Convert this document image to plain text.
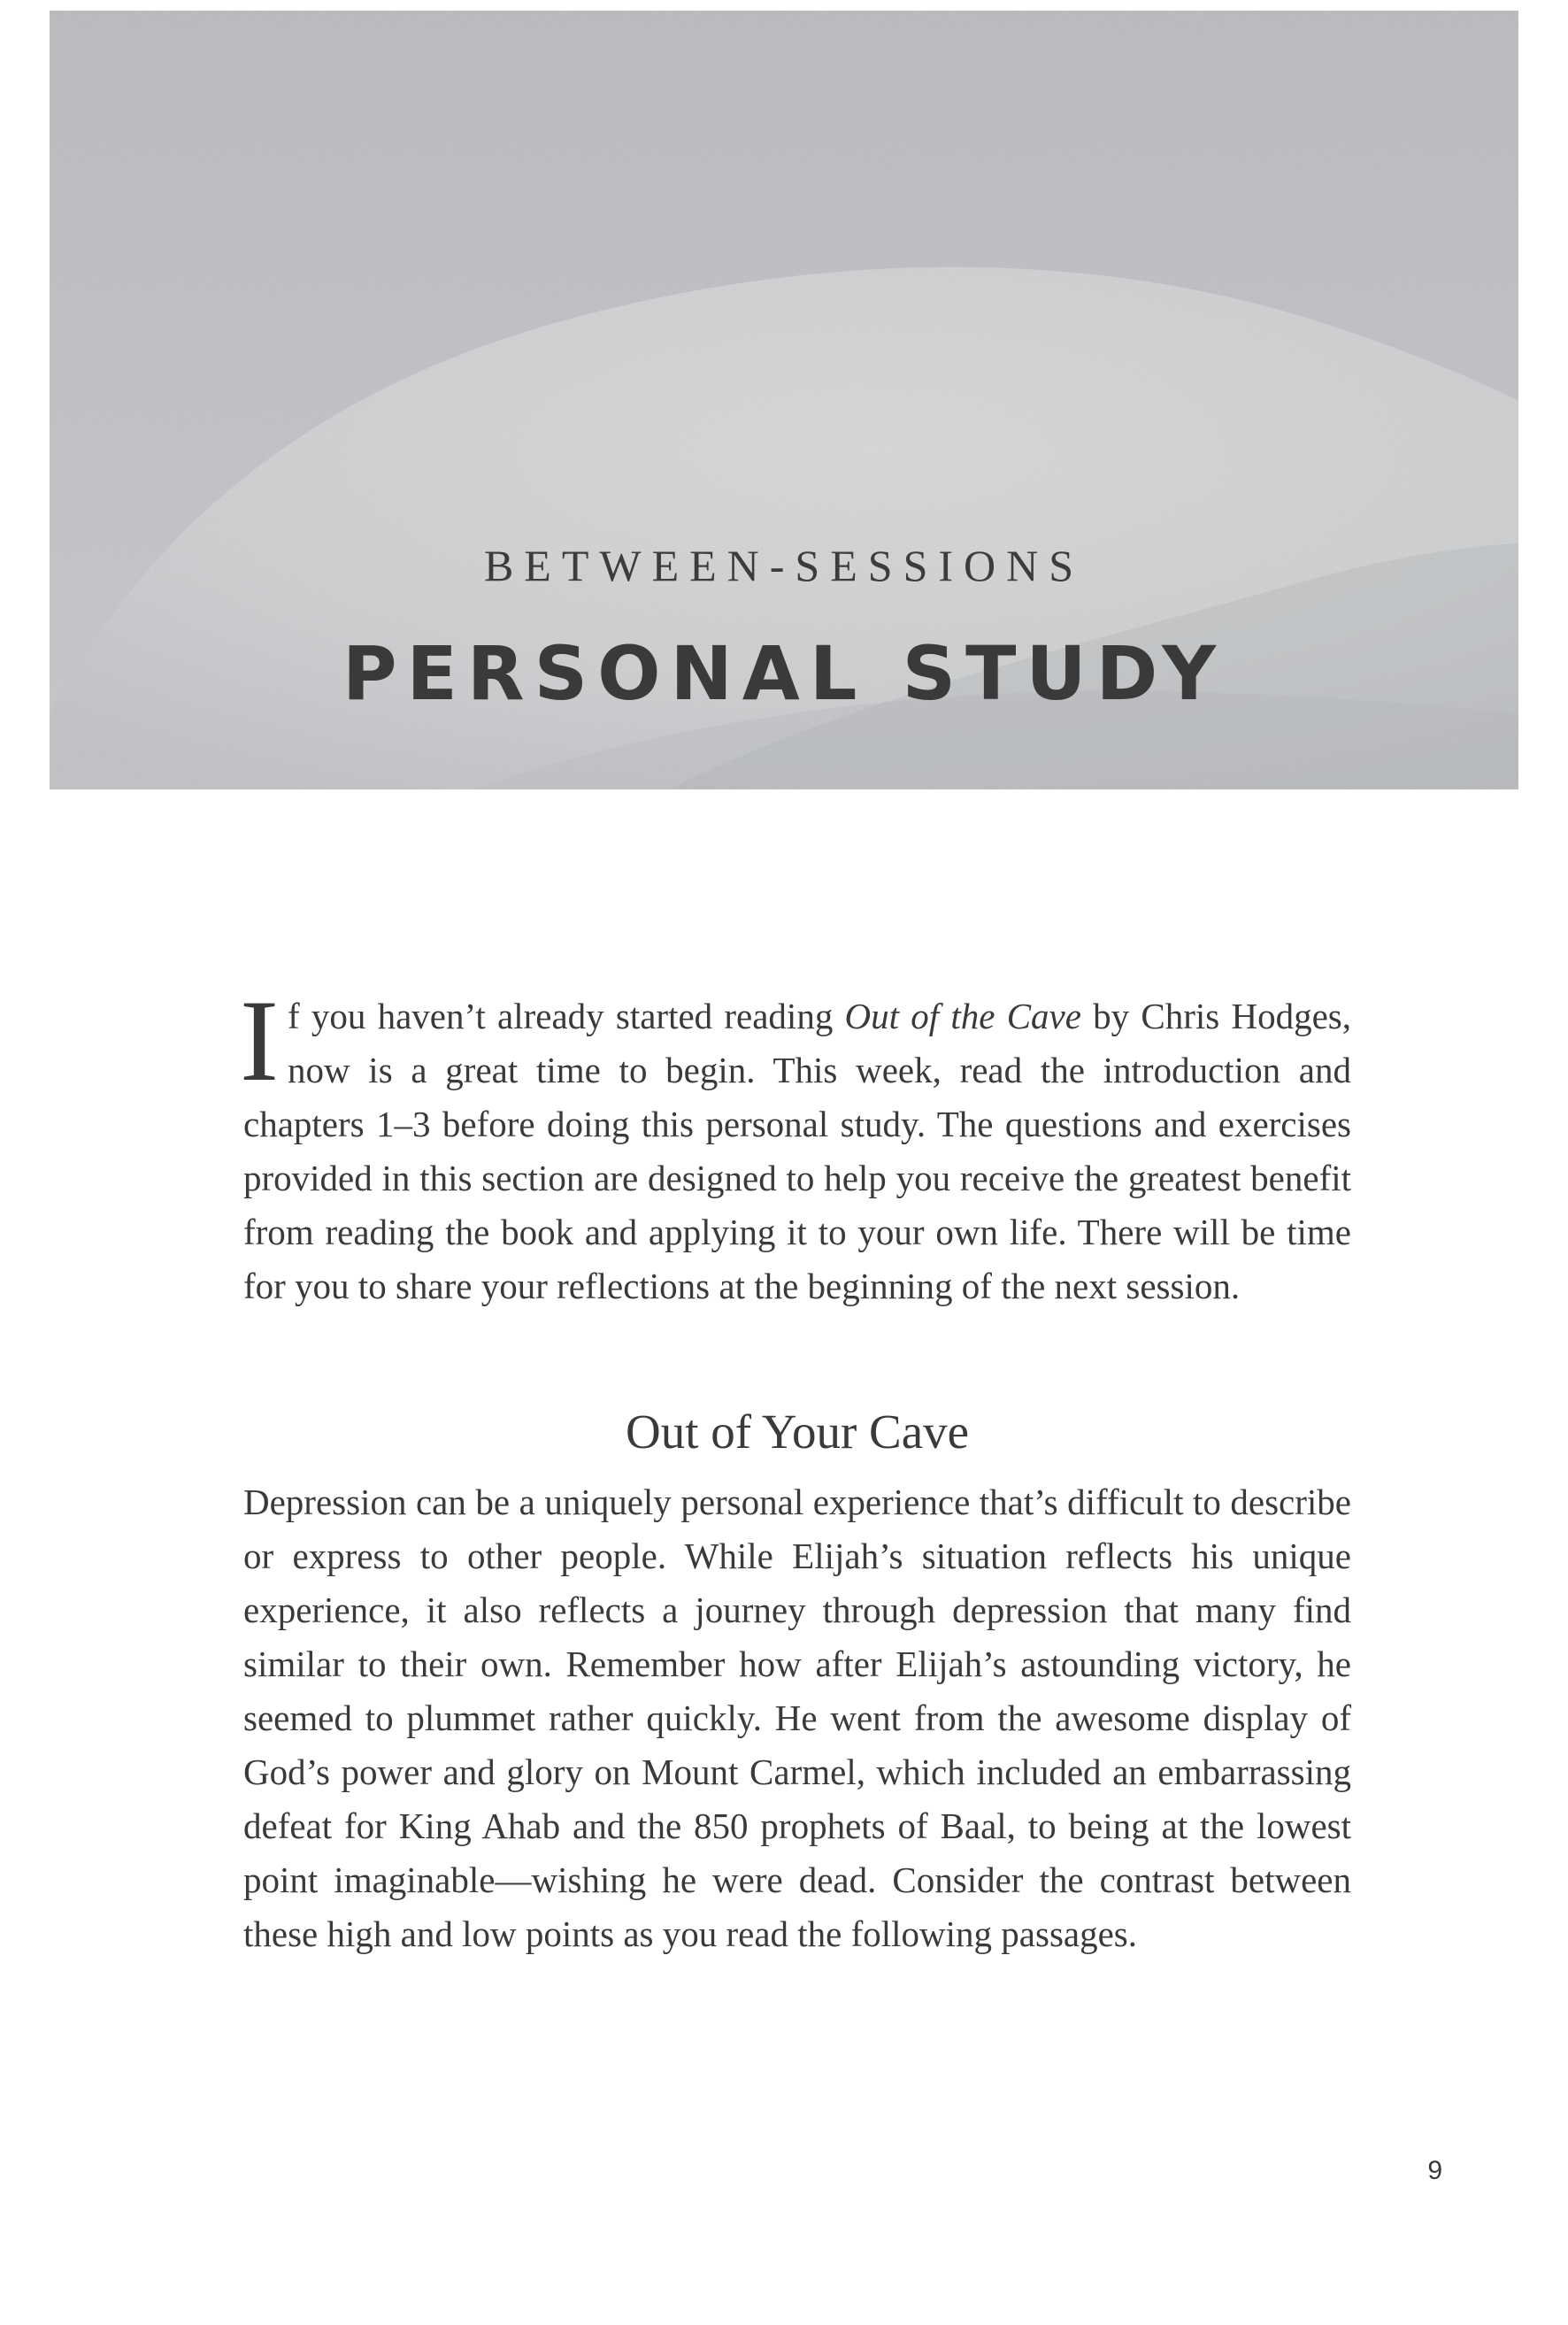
BETWEEN-SESSIONS
PERSONAL STUDY

If you haven’t already started reading Out of the Cave by Chris Hodges, now is a great time to begin. This week, read the introduction and chapters 1–3 before doing this personal study. The questions and exercises provided in this section are designed to help you receive the greatest benefit from reading the book and applying it to your own life. There will be time for you to share your reflections at the beginning of the next session.

Out of Your Cave

Depression can be a uniquely personal experience that’s difficult to describe or express to other people. While Elijah’s situation reflects his unique experience, it also reflects a journey through depression that many find similar to their own. Remember how after Elijah’s astounding victory, he seemed to plummet rather quickly. He went from the awesome display of God’s power and glory on Mount Carmel, which included an embarrassing defeat for King Ahab and the 850 prophets of Baal, to being at the lowest point imaginable—wishing he were dead. Consider the contrast between these high and low points as you read the following passages.

9
